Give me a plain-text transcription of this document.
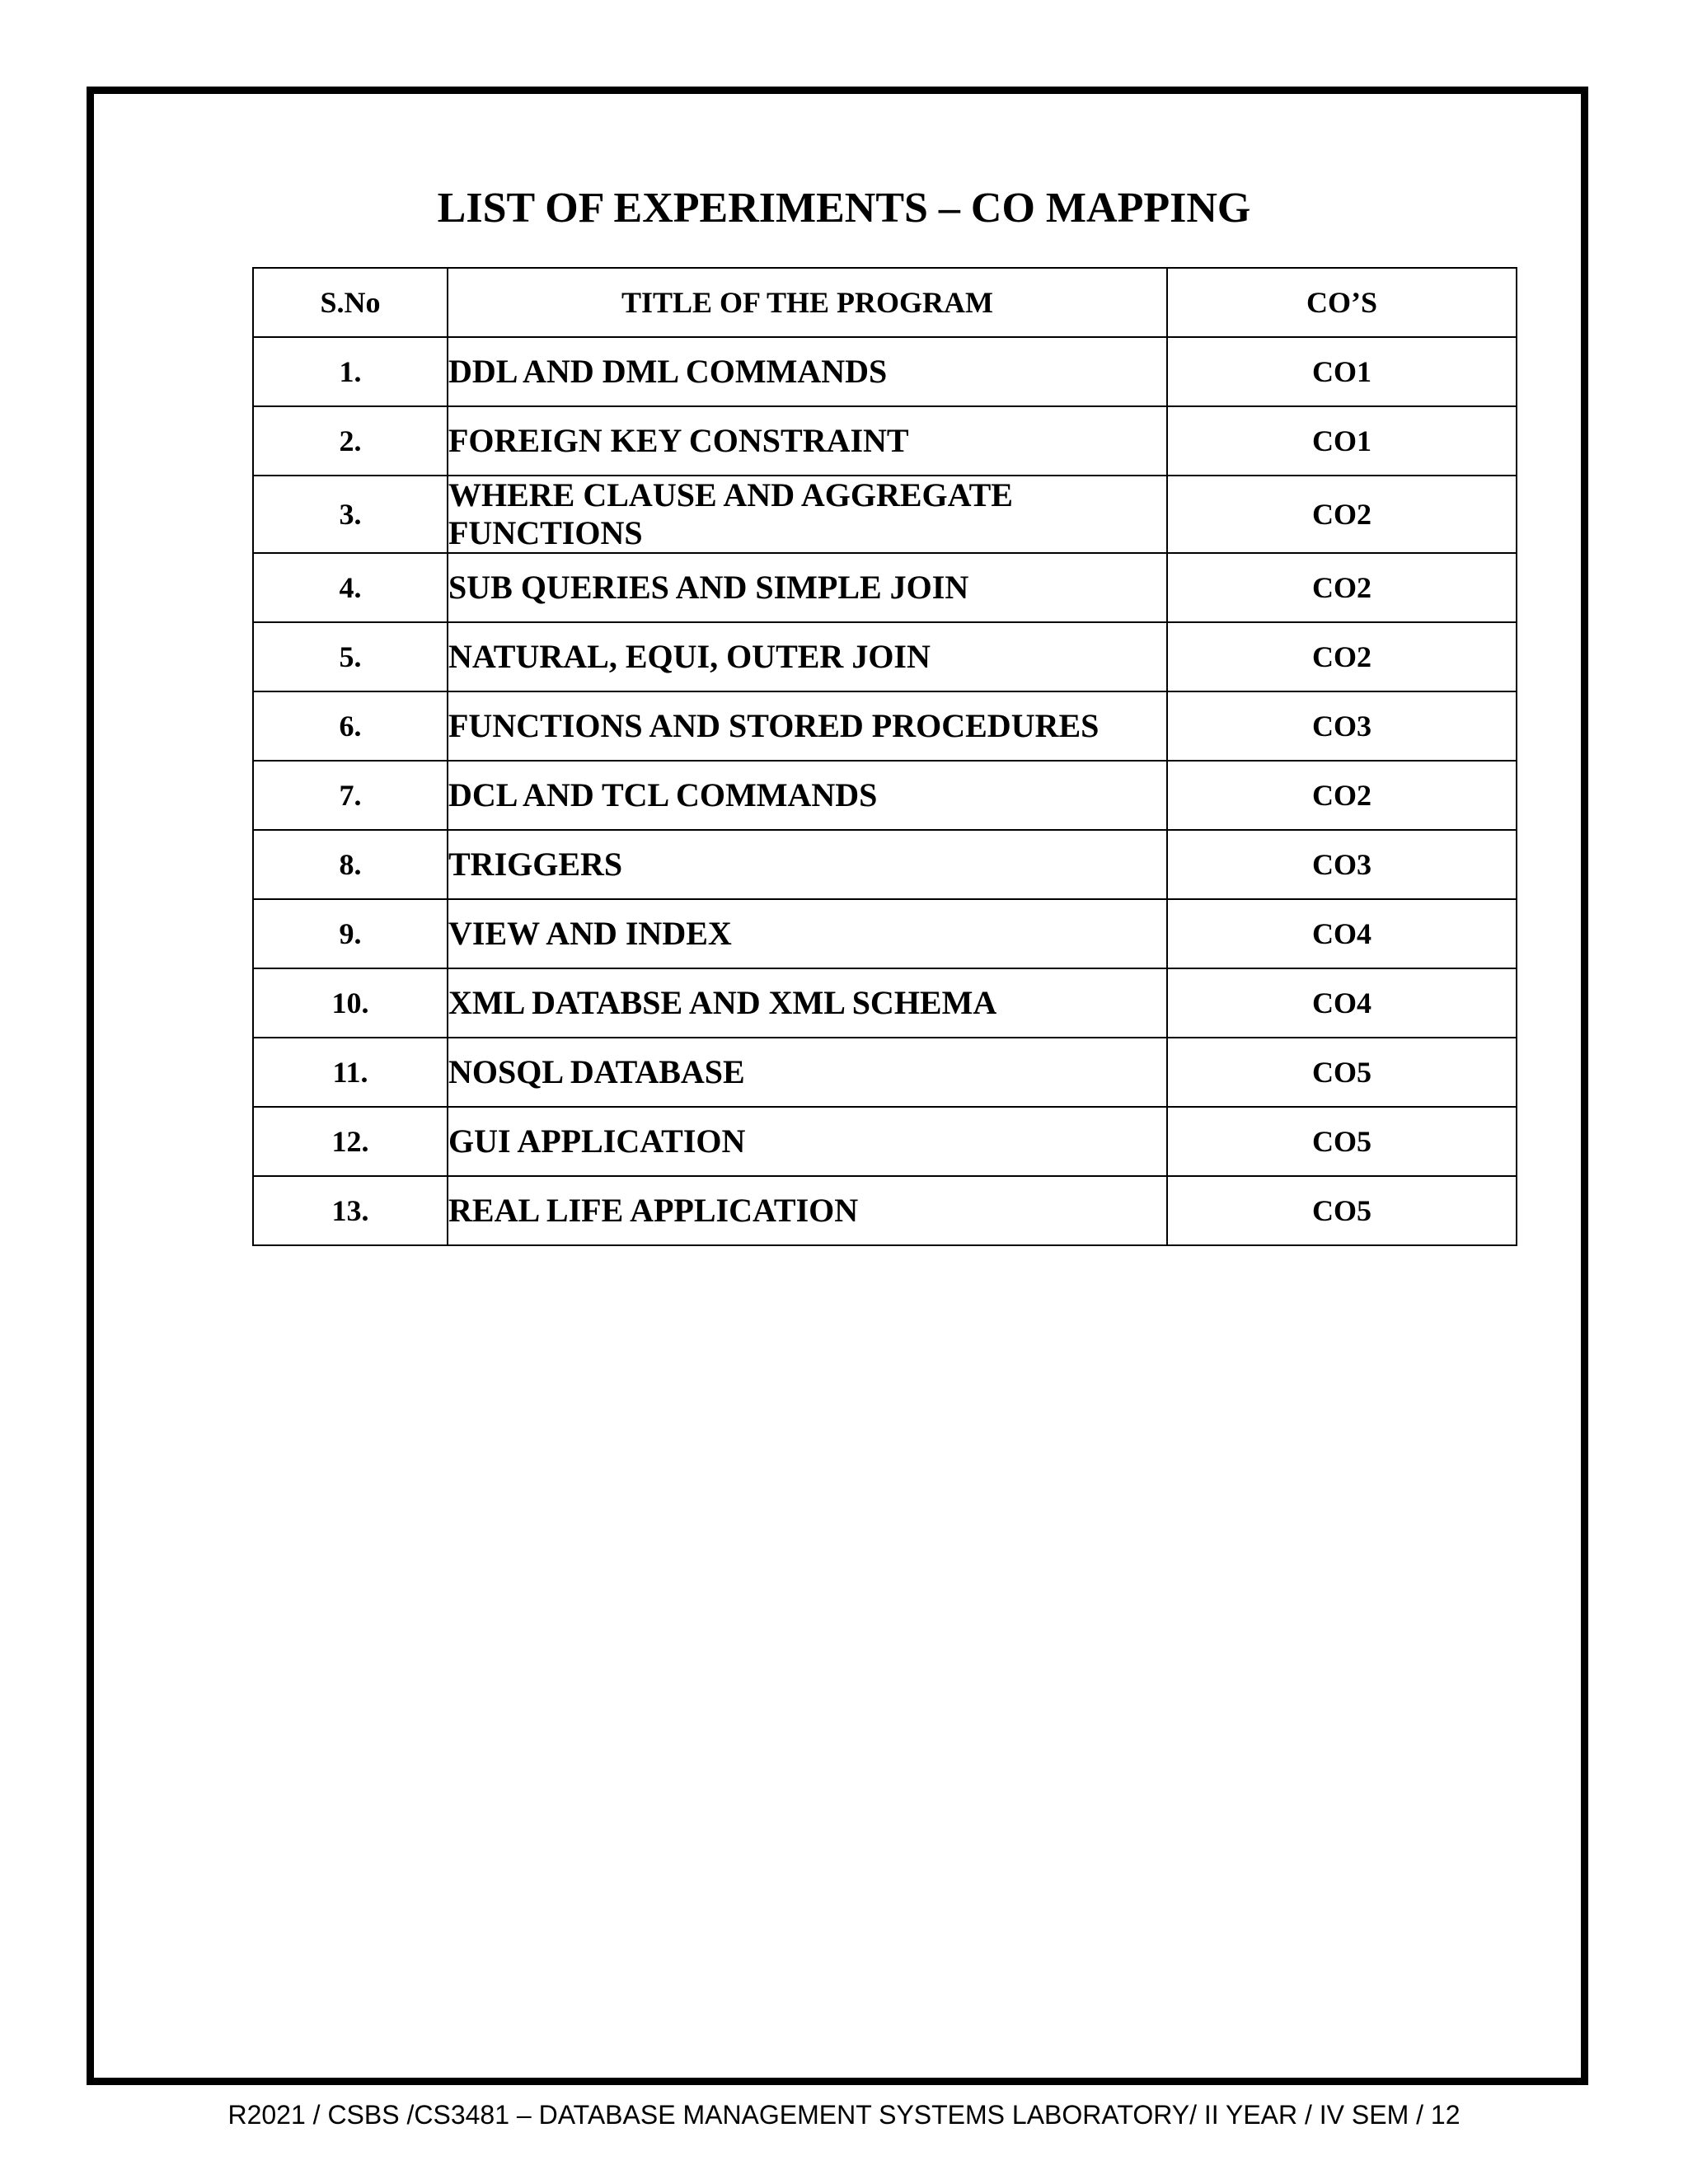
LIST OF EXPERIMENTS – CO MAPPING
S.No	TITLE OF THE PROGRAM	CO’S
1.	DDL AND DML COMMANDS	CO1
2.	FOREIGN KEY CONSTRAINT	CO1
3.	WHERE CLAUSE AND AGGREGATE FUNCTIONS	CO2
4.	SUB QUERIES AND SIMPLE JOIN	CO2
5.	NATURAL, EQUI, OUTER JOIN	CO2
6.	FUNCTIONS AND STORED PROCEDURES	CO3
7.	DCL AND TCL COMMANDS	CO2
8.	TRIGGERS	CO3
9.	VIEW AND INDEX	CO4
10.	XML DATABSE AND XML SCHEMA	CO4
11.	NOSQL DATABASE	CO5
12.	GUI APPLICATION	CO5
13.	REAL LIFE APPLICATION	CO5

R2021 / CSBS /CS3481 – DATABASE MANAGEMENT SYSTEMS LABORATORY/ II YEAR / IV SEM / 12
